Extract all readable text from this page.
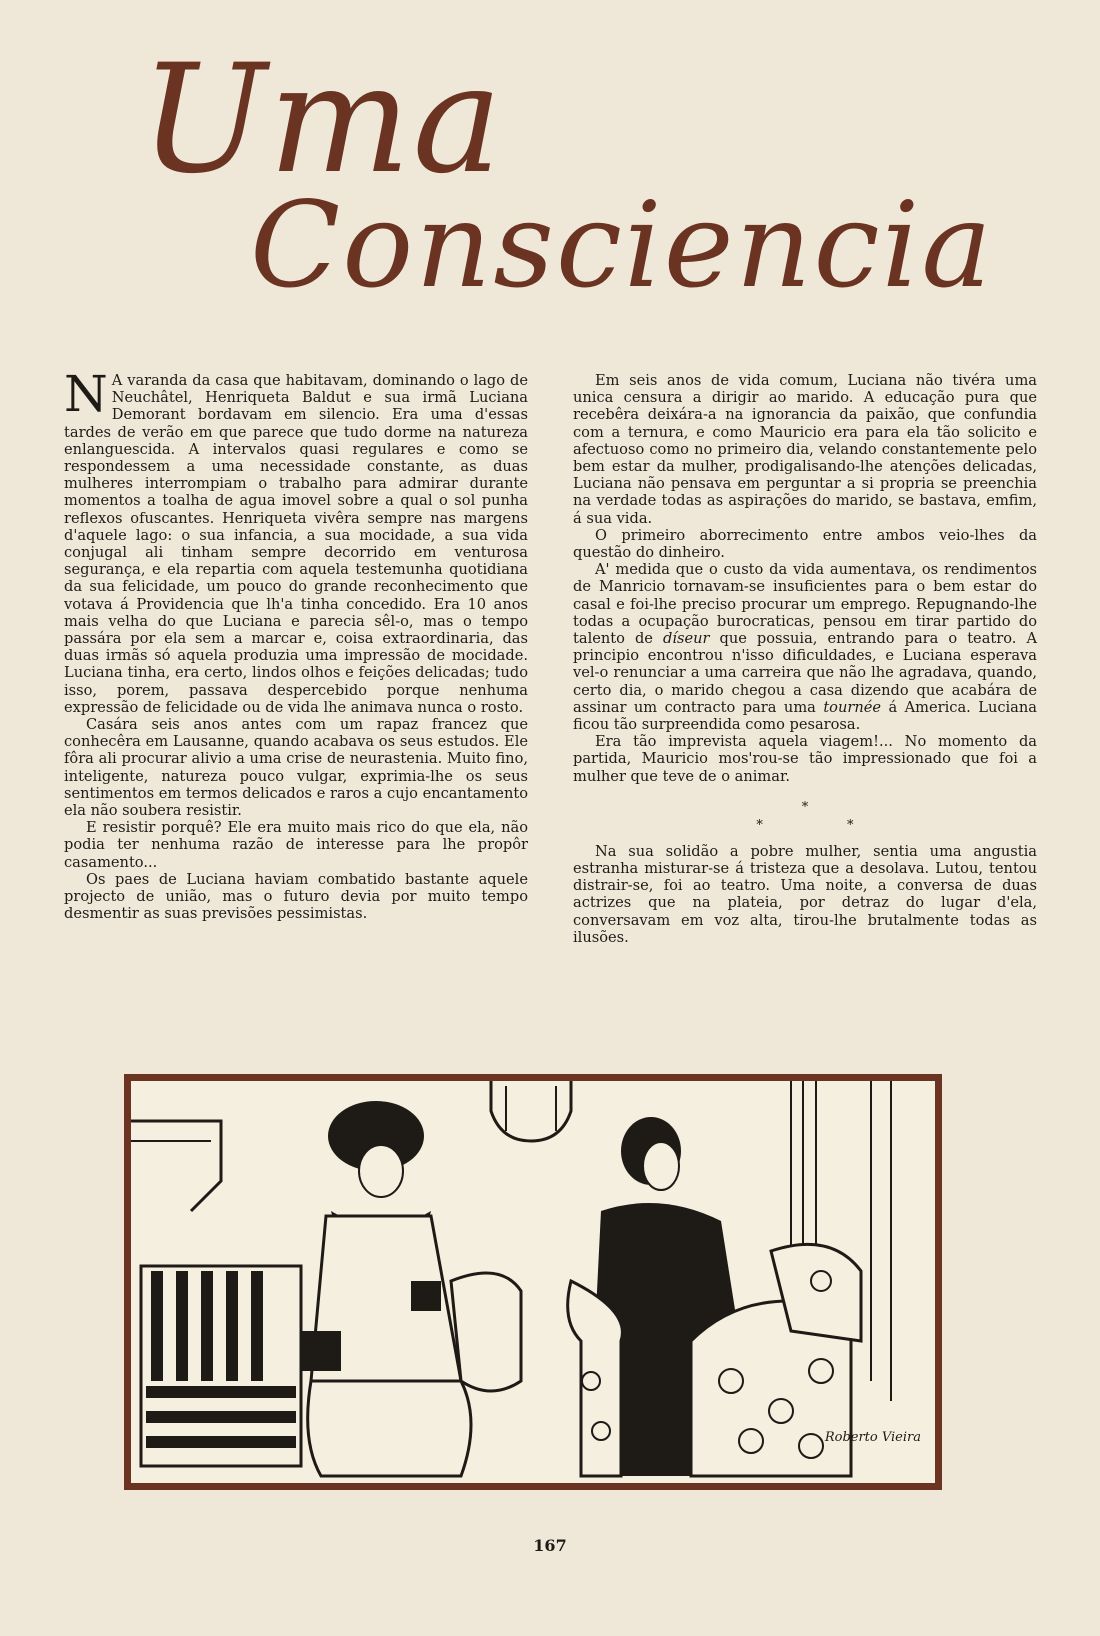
Uma
Consciencia

N A varanda da casa que habitavam, dominando o lago de Neuchâtel, Henriqueta Baldut e sua irmã Luciana Demorant bordavam em silencio. Era uma d'essas tardes de verão em que parece que tudo dorme na natureza enlanguescida. A intervalos quasi regulares e como se respondessem a uma necessidade constante, as duas mulheres interrompiam o trabalho para admirar durante momentos a toalha de agua imovel sobre a qual o sol punha reflexos ofuscantes. Henriqueta vivêra sempre nas margens d'aquele lago: o sua infancia, a sua mocidade, a sua vida conjugal ali tinham sempre decorrido em venturosa segurança, e ela repartia com aquela testemunha quotidiana da sua felicidade, um pouco do grande reconhecimento que votava á Providencia que lh'a tinha concedido. Era 10 anos mais velha do que Luciana e parecia sêl-o, mas o tempo passára por ela sem a marcar e, coisa extraordinaria, das duas irmãs só aquela produzia uma impressão de mocidade. Luciana tinha, era certo, lindos olhos e feições delicadas; tudo isso, porem, passava despercebido porque nenhuma expressão de felicidade ou de vida lhe animava nunca o rosto.

Casára seis anos antes com um rapaz francez que conhecêra em Lausanne, quando acabava os seus estudos. Ele fôra ali procurar alivio a uma crise de neurastenia. Muito fino, inteligente, natureza pouco vulgar, exprimia-lhe os seus sentimentos em termos delicados e raros a cujo encantamento ela não soubera resistir.

E resistir porquê? Ele era muito mais rico do que ela, não podia ter nenhuma razão de interesse para lhe propôr casamento...

Os paes de Luciana haviam combatido bastante aquele projecto de união, mas o futuro devia por muito tempo desmentir as suas previsões pessimistas.

Em seis anos de vida comum, Luciana não tivéra uma unica censura a dirigir ao marido. A educação pura que recebêra deixára-a na ignorancia da paixão, que confundia com a ternura, e como Mauricio era para ela tão solicito e afectuoso como no primeiro dia, velando constantemente pelo bem estar da mulher, prodigalisando-lhe atenções delicadas, Luciana não pensava em perguntar a si propria se preenchia na verdade todas as aspirações do marido, se bastava, emfim, á sua vida.

O primeiro aborrecimento entre ambos veio-lhes da questão do dinheiro.

A' medida que o custo da vida aumentava, os rendimentos de Manricio tornavam-se insuficientes para o bem estar do casal e foi-lhe preciso procurar um emprego. Repugnando-lhe todas a ocupação burocraticas, pensou em tirar partido do talento de díseur que possuia, entrando para o teatro. A principio encontrou n'isso dificuldades, e Luciana esperava vel-o renunciar a uma carreira que não lhe agradava, quando, certo dia, o marido chegou a casa dizendo que acabára de assinar um contracto para uma tournée á America. Luciana ficou tão surpreendida como pesarosa.

Era tão imprevista aquela viagem!... No momento da partida, Mauricio mos'rou-se tão impressionado que foi a mulher que teve de o animar.

*
* *

Na sua solidão a pobre mulher, sentia uma angustia estranha misturar-se á tristeza que a desolava. Lutou, tentou distrair-se, foi ao teatro. Uma noite, a conversa de duas actrizes que na plateia, por detraz do lugar d'ela, conversavam em voz alta, tirou-lhe brutalmente todas as ilusões.

Roberto Vieira
167
